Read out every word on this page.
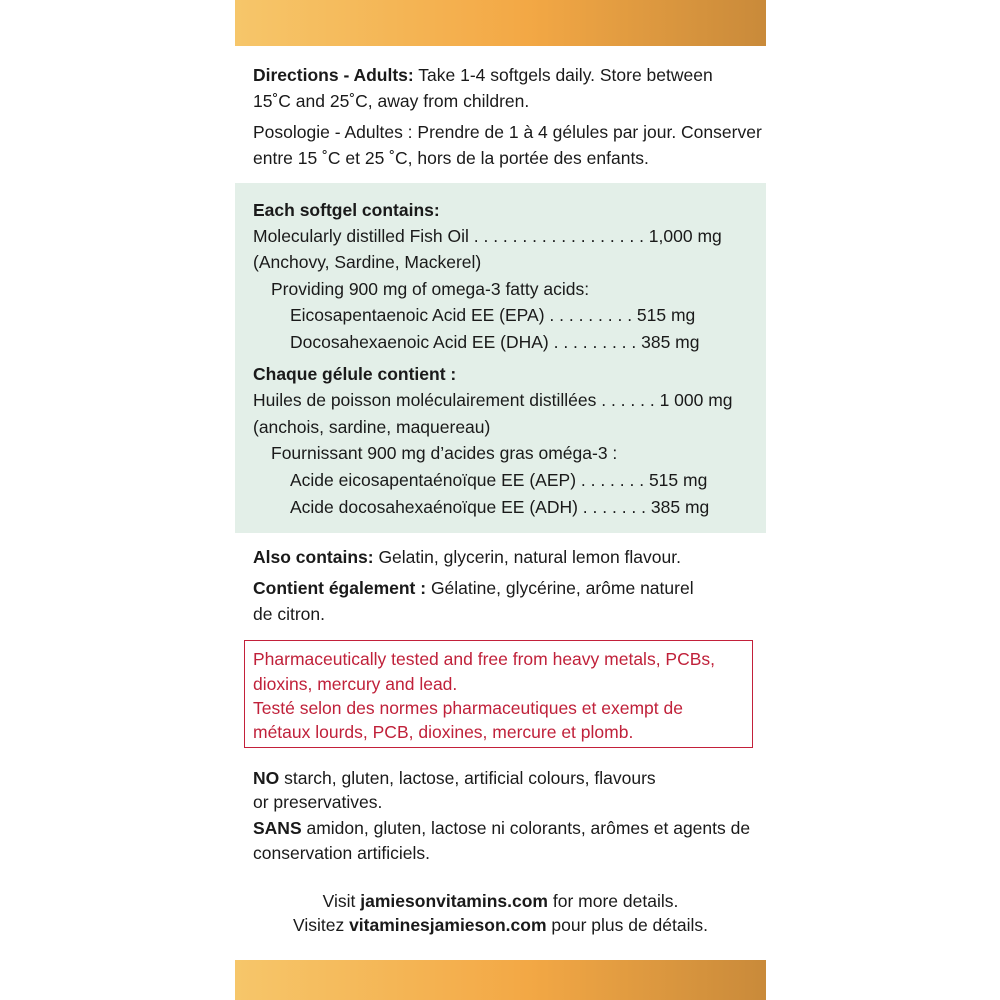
Directions - Adults: Take 1-4 softgels daily. Store between
15˚C and 25˚C, away from children.
Posologie - Adultes : Prendre de 1 à 4 gélules par jour. Conserver
entre 15 ˚C et 25 ˚C, hors de la portée des enfants.
Each softgel contains:
Molecularly distilled Fish Oil . . . . . . . . . . . . . . . . . . 1,000 mg
(Anchovy, Sardine, Mackerel)
Providing 900 mg of omega-3 fatty acids:
Eicosapentaenoic Acid EE (EPA) . . . . . . . . . 515 mg
Docosahexaenoic Acid EE (DHA) . . . . . . . . . 385 mg
Chaque gélule contient :
Huiles de poisson moléculairement distillées . . . . . . 1 000 mg
(anchois, sardine, maquereau)
Fournissant 900 mg d’acides gras oméga-3 :
Acide eicosapentaénoïque EE (AEP) . . . . . . . 515 mg
Acide docosahexaénoïque EE (ADH) . . . . . . . 385 mg
Also contains: Gelatin, glycerin, natural lemon flavour.
Contient également : Gélatine, glycérine, arôme naturel
de citron.
Pharmaceutically tested and free from heavy metals, PCBs,
dioxins, mercury and lead.
Testé selon des normes pharmaceutiques et exempt de
métaux lourds, PCB, dioxines, mercure et plomb.
NO starch, gluten, lactose, artificial colours, flavours
or preservatives.
SANS amidon, gluten, lactose ni colorants, arômes et agents de
conservation artificiels.
Visit jamiesonvitamins.com for more details.
Visitez vitaminesjamieson.com pour plus de détails.
